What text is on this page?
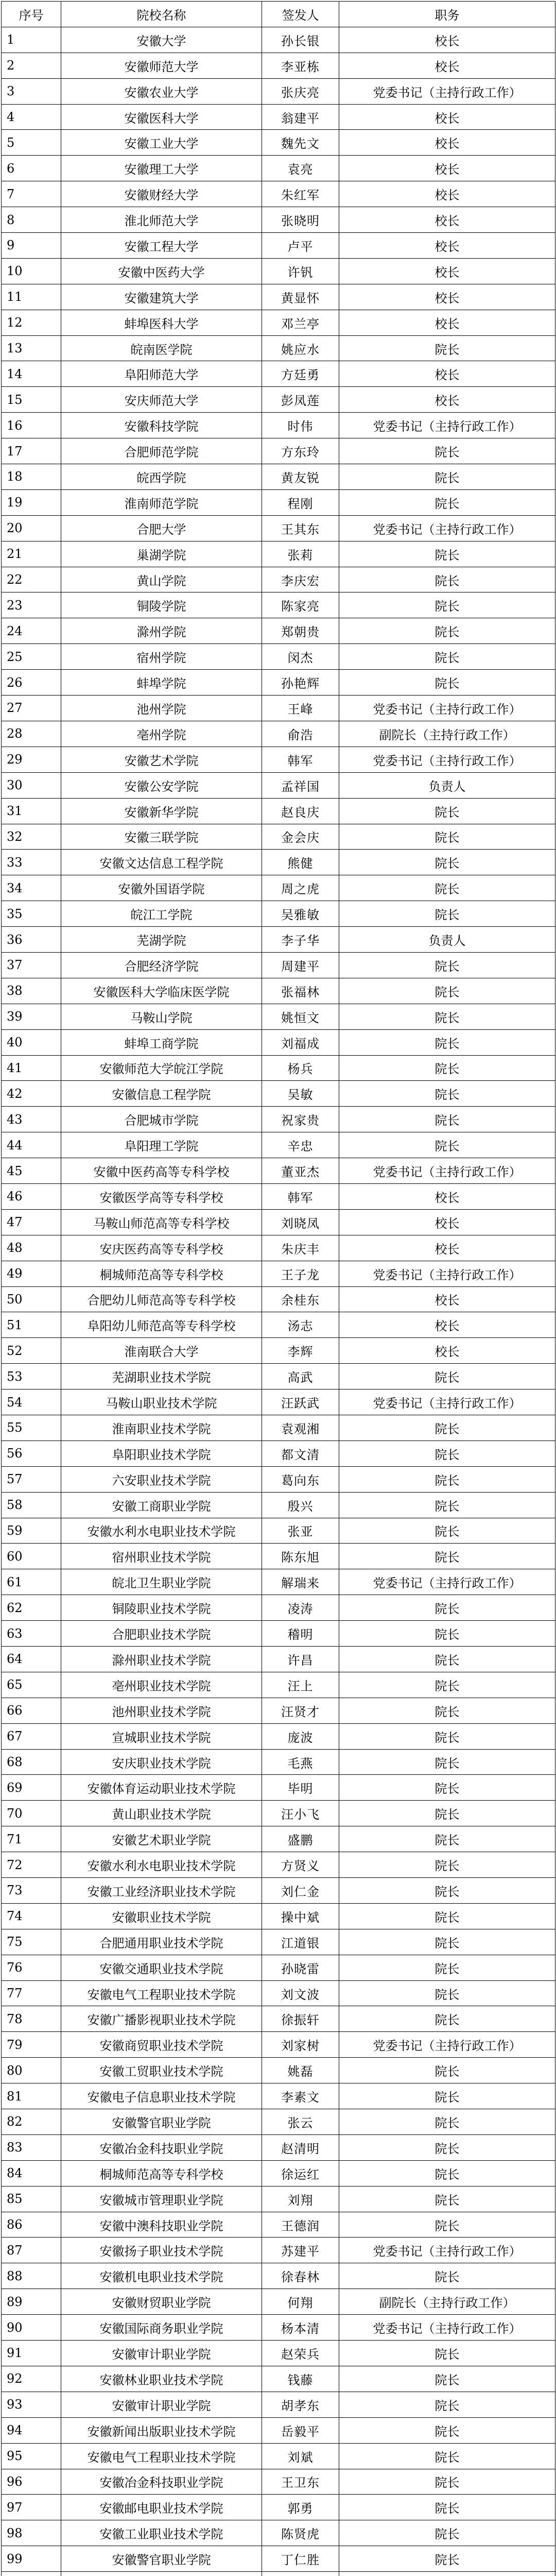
序号	院校名称	签发人	职务
1	安徽大学	孙长银	校长
2	安徽师范大学	李亚栋	校长
3	安徽农业大学	张庆亮	党委书记（主持行政工作）
4	安徽医科大学	翁建平	校长
5	安徽工业大学	魏先文	校长
6	安徽理工大学	袁亮	校长
7	安徽财经大学	朱红军	校长
8	淮北师范大学	张晓明	校长
9	安徽工程大学	卢平	校长
10	安徽中医药大学	许钒	校长
11	安徽建筑大学	黄显怀	校长
12	蚌埠医科大学	邓兰亭	校长
13	皖南医学院	姚应水	院长
14	阜阳师范大学	方廷勇	校长
15	安庆师范大学	彭凤莲	校长
16	安徽科技学院	时伟	党委书记（主持行政工作）
17	合肥师范学院	方东玲	院长
18	皖西学院	黄友锐	院长
19	淮南师范学院	程刚	院长
20	合肥大学	王其东	党委书记（主持行政工作）
21	巢湖学院	张莉	院长
22	黄山学院	李庆宏	院长
23	铜陵学院	陈家亮	院长
24	滁州学院	郑朝贵	院长
25	宿州学院	闵杰	院长
26	蚌埠学院	孙艳辉	院长
27	池州学院	王峰	党委书记（主持行政工作）
28	亳州学院	俞浩	副院长（主持行政工作）
29	安徽艺术学院	韩军	党委书记（主持行政工作）
30	安徽公安学院	孟祥国	负责人
31	安徽新华学院	赵良庆	院长
32	安徽三联学院	金会庆	院长
33	安徽文达信息工程学院	熊健	院长
34	安徽外国语学院	周之虎	院长
35	皖江工学院	吴雅敏	院长
36	芜湖学院	李子华	负责人
37	合肥经济学院	周建平	院长
38	安徽医科大学临床医学院	张福林	院长
39	马鞍山学院	姚恒文	院长
40	蚌埠工商学院	刘福成	院长
41	安徽师范大学皖江学院	杨兵	院长
42	安徽信息工程学院	吴敏	院长
43	合肥城市学院	祝家贵	院长
44	阜阳理工学院	辛忠	院长
45	安徽中医药高等专科学校	董亚杰	党委书记（主持行政工作）
46	安徽医学高等专科学校	韩军	校长
47	马鞍山师范高等专科学校	刘晓凤	校长
48	安庆医药高等专科学校	朱庆丰	校长
49	桐城师范高等专科学校	王子龙	党委书记（主持行政工作）
50	合肥幼儿师范高等专科学校	余桂东	校长
51	阜阳幼儿师范高等专科学校	汤志	校长
52	淮南联合大学	李辉	校长
53	芜湖职业技术学院	高武	院长
54	马鞍山职业技术学院	汪跃武	党委书记（主持行政工作）
55	淮南职业技术学院	袁观湘	院长
56	阜阳职业技术学院	都文清	院长
57	六安职业技术学院	葛向东	院长
58	安徽工商职业学院	殷兴	院长
59	安徽水利水电职业技术学院	张亚	院长
60	宿州职业技术学院	陈东旭	院长
61	皖北卫生职业学院	解瑞来	党委书记（主持行政工作）
62	铜陵职业技术学院	凌涛	院长
63	合肥职业技术学院	稽明	院长
64	滁州职业技术学院	许昌	院长
65	亳州职业技术学院	汪上	院长
66	池州职业技术学院	汪贤才	院长
67	宣城职业技术学院	庞波	院长
68	安庆职业技术学院	毛燕	院长
69	安徽体育运动职业技术学院	毕明	院长
70	黄山职业技术学院	汪小飞	院长
71	安徽艺术职业学院	盛鹏	院长
72	安徽水利水电职业技术学院	方贤义	院长
73	安徽工业经济职业技术学院	刘仁金	院长
74	安徽职业技术学院	操中斌	院长
75	合肥通用职业技术学院	江道银	院长
76	安徽交通职业技术学院	孙晓雷	院长
77	安徽电气工程职业技术学院	刘文波	院长
78	安徽广播影视职业技术学院	徐振轩	院长
79	安徽商贸职业技术学院	刘家树	党委书记（主持行政工作）
80	安徽工贸职业技术学院	姚磊	院长
81	安徽电子信息职业技术学院	李素文	院长
82	安徽警官职业学院	张云	院长
83	安徽冶金科技职业学院	赵清明	院长
84	桐城师范高等专科学校	徐运红	院长
85	安徽城市管理职业学院	刘翔	院长
86	安徽中澳科技职业学院	王德润	院长
87	安徽扬子职业技术学院	苏建平	党委书记（主持行政工作）
88	安徽机电职业技术学院	徐春林	院长
89	安徽财贸职业学院	何翔	副院长（主持行政工作）
90	安徽国际商务职业学院	杨本清	党委书记（主持行政工作）
91	安徽审计职业学院	赵荣兵	院长
92	安徽林业职业技术学院	钱藤	院长
93	安徽审计职业学院	胡孝东	院长
94	安徽新闻出版职业技术学院	岳毅平	院长
95	安徽电气工程职业技术学院	刘斌	院长
96	安徽冶金科技职业学院	王卫东	院长
97	安徽邮电职业技术学院	郭勇	院长
98	安徽工业职业技术学院	陈贤虎	院长
99	安徽警官职业学院	丁仁胜	院长
